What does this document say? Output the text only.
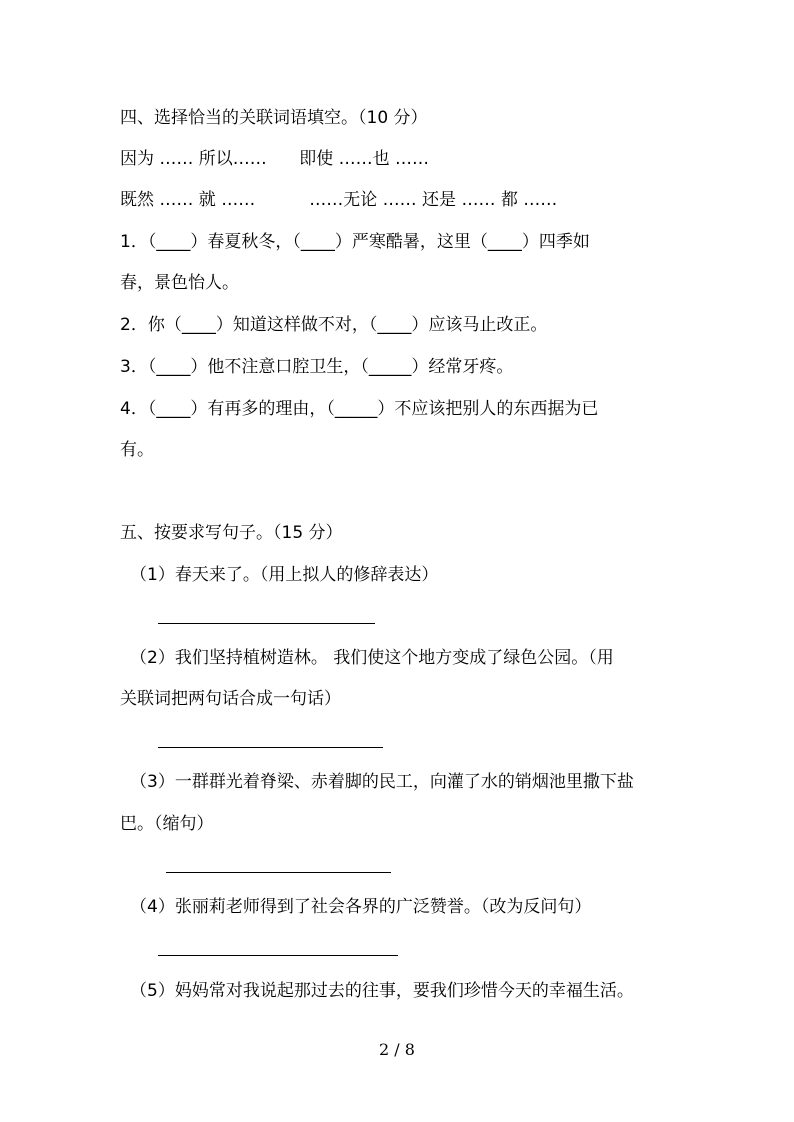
四、选择恰当的关联词语填空。（10 分）
因为 …… 所以……      即使 ……也 ……
既然 …… 就 ……          ……无论 …… 还是 …… 都 ……
1．（____）春夏秋冬，（____）严寒酷暑，这里（____）四季如
春，景色怡人。
2．你（____）知道这样做不对，（____）应该马止改正。
3．（____）他不注意口腔卫生，（_____）经常牙疼。
4．（____）有再多的理由，（_____）不应该把别人的东西据为已
有。
五、按要求写句子。（15 分）
（1）春天来了。（用上拟人的修辞表达）
（2）我们坚持植树造林。 我们使这个地方变成了绿色公园。（用
关联词把两句话合成一句话）
（3）一群群光着脊梁、赤着脚的民工，向灌了水的销烟池里撒下盐
巴。（缩句）
（4）张丽莉老师得到了社会各界的广泛赞誉。（改为反问句）
（5）妈妈常对我说起那过去的往事，要我们珍惜今天的幸福生活。
2 / 8
